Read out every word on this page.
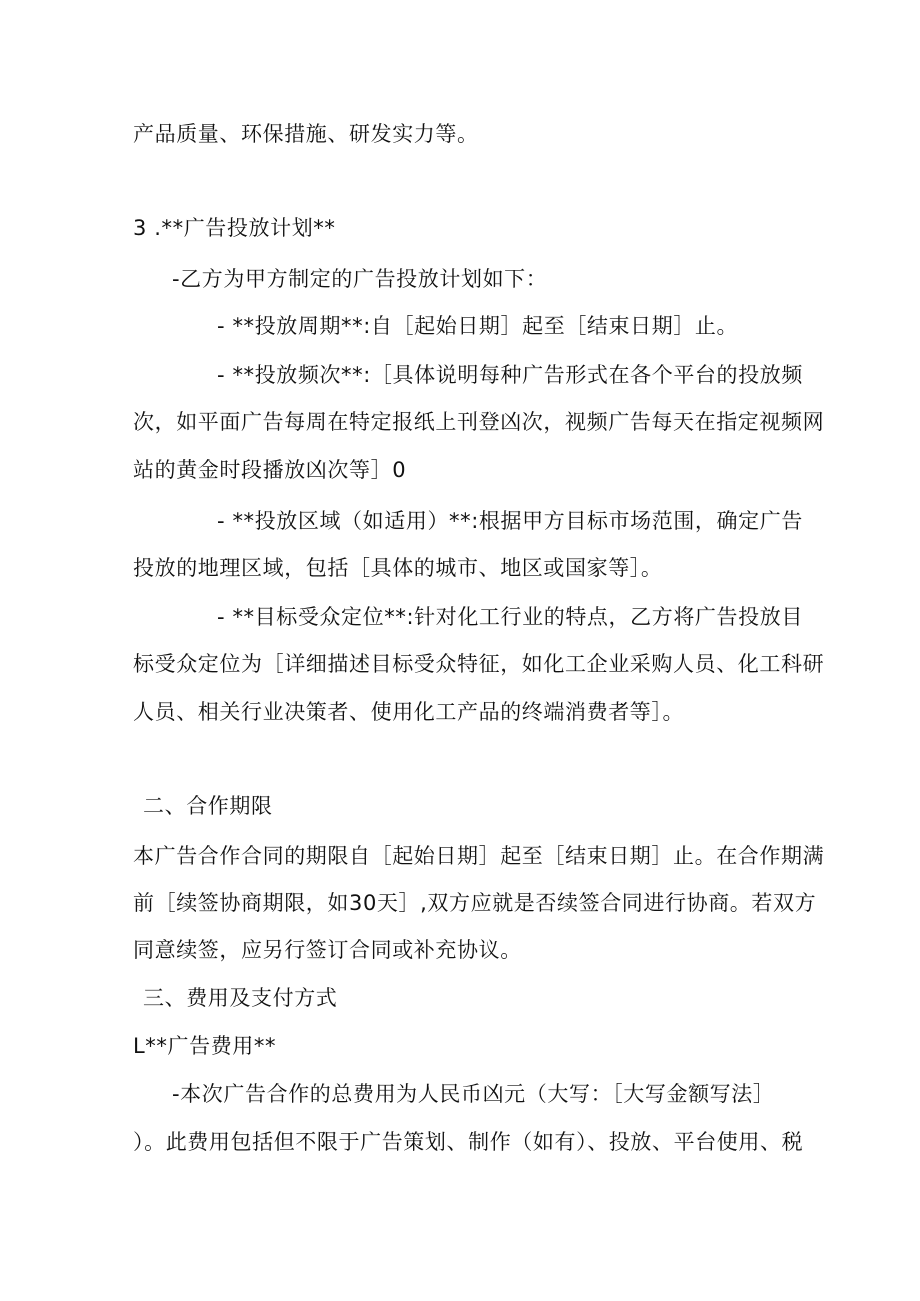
产品质量、环保措施、研发实力等。
3 .**广告投放计划**
-乙方为甲方制定的广告投放计划如下：
- **投放周期**:自［起始日期］起至［结束日期］止。
- **投放频次**:［具体说明每种广告形式在各个平台的投放频
次，如平面广告每周在特定报纸上刊登凶次，视频广告每天在指定视频网
站的黄金时段播放凶次等］0
- **投放区域（如适用）**:根据甲方目标市场范围，确定广告
投放的地理区域，包括［具体的城市、地区或国家等］。
- **目标受众定位**:针对化工行业的特点，乙方将广告投放目
标受众定位为［详细描述目标受众特征，如化工企业采购人员、化工科研
人员、相关行业决策者、使用化工产品的终端消费者等］。
二、合作期限
本广告合作合同的期限自［起始日期］起至［结束日期］止。在合作期满
前［续签协商期限，如30天］,双方应就是否续签合同进行协商。若双方
同意续签，应另行签订合同或补充协议。
三、费用及支付方式
L**广告费用**
-本次广告合作的总费用为人民币凶元（大写：［大写金额写法］
）。此费用包括但不限于广告策划、制作（如有）、投放、平台使用、税
